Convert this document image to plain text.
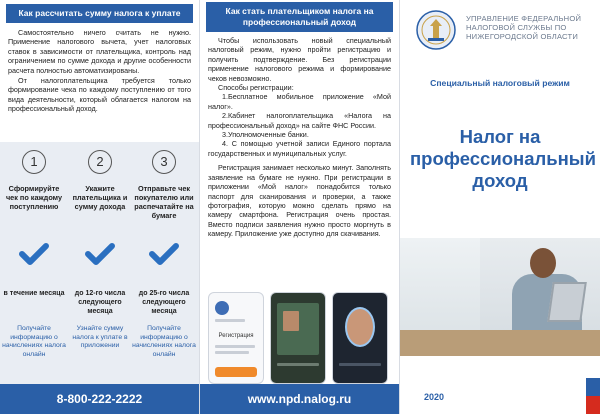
Как рассчитать сумму налога к уплате

Самостоятельно ничего считать не нужно. Применение налогового вычета, учет налоговых ставок в зависимости от плательщика, контроль над ограничением по сумме дохода и другие особенности расчета полностью автоматизированы.

От налогоплательщика требуется только формирование чека по каждому поступлению от того вида деятельности, который облагается налогом на профессиональный доход.

1
Сформируйте чек по каждому поступлению
в течение месяца
Получайте информацию о начислениях налога онлайн
2
Укажите плательщика и сумму дохода
до 12-го числа следующего месяца
Узнайте сумму налога к уплате в приложении
3
Отправьте чек покупателю или распечатайте на бумаге
до 25-го числа следующего месяца
Получайте информацию о начислениях налога онлайн
8-800-222-2222
Как стать плательщиком налога на профессиональный доход

Чтобы использовать новый специальный налоговый режим, нужно пройти регистрацию и получить подтверждение. Без регистрации применение налогового режима и формирование чеков невозможно.

Способы регистрации:

1.Бесплатное мобильное приложение «Мой налог».

2.Кабинет налогоплательщика «Налога на профессиональный доход» на сайте ФНС России.

3.Уполномоченные банки.

4. С помощью учетной записи Единого портала государственных и муниципальных услуг.

Регистрация занимает несколько минут. Заполнять заявление на бумаге не нужно. При регистрации в приложении «Мой налог» понадобится только паспорт для сканирования и проверки, а также фотография, которую можно сделать прямо на камеру смартфона. Регистрация очень простая. Вместо подписи заявления нужно просто моргнуть в камеру. Приложение уже доступно для скачивания.

Регистрация
www.npd.nalog.ru
УПРАВЛЕНИЕ ФЕДЕРАЛЬНОЙ НАЛОГОВОЙ СЛУЖБЫ ПО НИЖЕГОРОДСКОЙ ОБЛАСТИ
Специальный налоговый режим
Налог на профессиональный доход
2020
